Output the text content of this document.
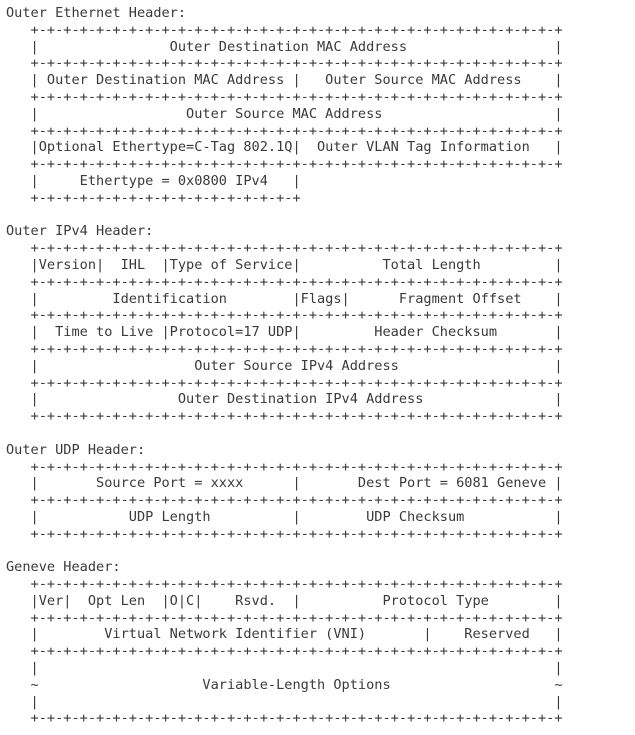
Outer Ethernet Header:
+-+-+-+-+-+-+-+-+-+-+-+-+-+-+-+-+-+-+-+-+-+-+-+-+-+-+-+-+-+-+-+-+
|                Outer Destination MAC Address                  |
+-+-+-+-+-+-+-+-+-+-+-+-+-+-+-+-+-+-+-+-+-+-+-+-+-+-+-+-+-+-+-+-+
| Outer Destination MAC Address |   Outer Source MAC Address    |
+-+-+-+-+-+-+-+-+-+-+-+-+-+-+-+-+-+-+-+-+-+-+-+-+-+-+-+-+-+-+-+-+
|                  Outer Source MAC Address                     |
+-+-+-+-+-+-+-+-+-+-+-+-+-+-+-+-+-+-+-+-+-+-+-+-+-+-+-+-+-+-+-+-+
|Optional Ethertype=C-Tag 802.1Q|  Outer VLAN Tag Information   |
+-+-+-+-+-+-+-+-+-+-+-+-+-+-+-+-+-+-+-+-+-+-+-+-+-+-+-+-+-+-+-+-+
|     Ethertype = 0x0800 IPv4   |
+-+-+-+-+-+-+-+-+-+-+-+-+-+-+-+-+

Outer IPv4 Header:
+-+-+-+-+-+-+-+-+-+-+-+-+-+-+-+-+-+-+-+-+-+-+-+-+-+-+-+-+-+-+-+-+
|Version|  IHL  |Type of Service|          Total Length         |
+-+-+-+-+-+-+-+-+-+-+-+-+-+-+-+-+-+-+-+-+-+-+-+-+-+-+-+-+-+-+-+-+
|         Identification        |Flags|      Fragment Offset    |
+-+-+-+-+-+-+-+-+-+-+-+-+-+-+-+-+-+-+-+-+-+-+-+-+-+-+-+-+-+-+-+-+
|  Time to Live |Protocol=17 UDP|         Header Checksum       |
+-+-+-+-+-+-+-+-+-+-+-+-+-+-+-+-+-+-+-+-+-+-+-+-+-+-+-+-+-+-+-+-+
|                   Outer Source IPv4 Address                   |
+-+-+-+-+-+-+-+-+-+-+-+-+-+-+-+-+-+-+-+-+-+-+-+-+-+-+-+-+-+-+-+-+
|                 Outer Destination IPv4 Address                |
+-+-+-+-+-+-+-+-+-+-+-+-+-+-+-+-+-+-+-+-+-+-+-+-+-+-+-+-+-+-+-+-+

Outer UDP Header:
+-+-+-+-+-+-+-+-+-+-+-+-+-+-+-+-+-+-+-+-+-+-+-+-+-+-+-+-+-+-+-+-+
|       Source Port = xxxx      |       Dest Port = 6081 Geneve |
+-+-+-+-+-+-+-+-+-+-+-+-+-+-+-+-+-+-+-+-+-+-+-+-+-+-+-+-+-+-+-+-+
|           UDP Length          |        UDP Checksum           |
+-+-+-+-+-+-+-+-+-+-+-+-+-+-+-+-+-+-+-+-+-+-+-+-+-+-+-+-+-+-+-+-+

Geneve Header:
+-+-+-+-+-+-+-+-+-+-+-+-+-+-+-+-+-+-+-+-+-+-+-+-+-+-+-+-+-+-+-+-+
|Ver|  Opt Len  |O|C|    Rsvd.  |          Protocol Type        |
+-+-+-+-+-+-+-+-+-+-+-+-+-+-+-+-+-+-+-+-+-+-+-+-+-+-+-+-+-+-+-+-+
|        Virtual Network Identifier (VNI)       |    Reserved   |
+-+-+-+-+-+-+-+-+-+-+-+-+-+-+-+-+-+-+-+-+-+-+-+-+-+-+-+-+-+-+-+-+
|                                                               |
~                    Variable-Length Options                    ~
|                                                               |
+-+-+-+-+-+-+-+-+-+-+-+-+-+-+-+-+-+-+-+-+-+-+-+-+-+-+-+-+-+-+-+-+
